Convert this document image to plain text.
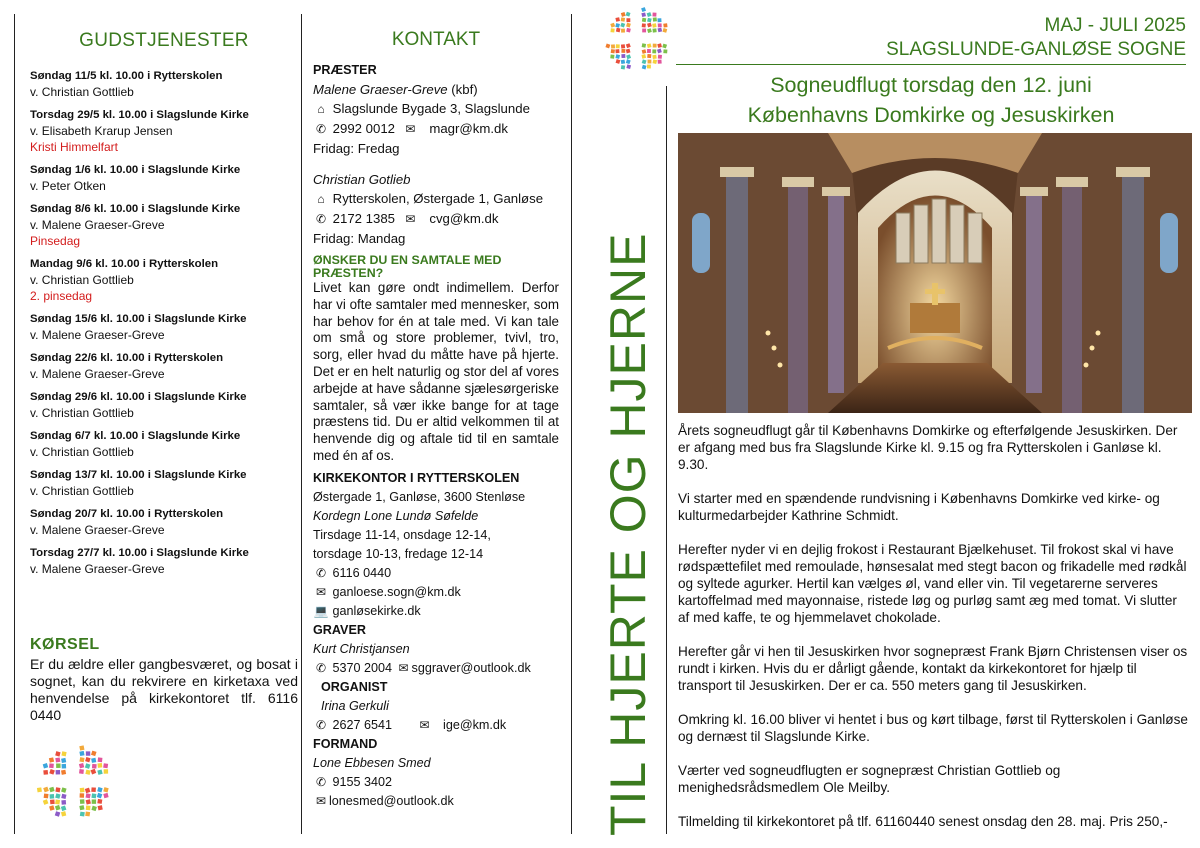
GUDSTJENESTER
Søndag 11/5 kl. 10.00 i Rytterskolen
v. Christian Gottlieb
Torsdag 29/5 kl. 10.00 i Slagslunde Kirke
v. Elisabeth Krarup Jensen
Kristi Himmelfart
Søndag 1/6 kl. 10.00 i Slagslunde Kirke
v. Peter Otken
Søndag 8/6 kl. 10.00 i Slagslunde Kirke
v. Malene Graeser-Greve
Pinsedag
Mandag 9/6 kl. 10.00 i Rytterskolen
v. Christian Gottlieb
2. pinsedag
Søndag 15/6 kl. 10.00 i Slagslunde Kirke
v. Malene Graeser-Greve
Søndag 22/6 kl. 10.00 i Rytterskolen
v. Malene Graeser-Greve
Søndag 29/6 kl. 10.00 i Slagslunde Kirke
v. Christian Gottlieb
Søndag 6/7 kl. 10.00 i Slagslunde Kirke
v. Christian Gottlieb
Søndag 13/7 kl. 10.00 i Slagslunde Kirke
v. Christian Gottlieb
Søndag 20/7 kl. 10.00 i Rytterskolen
v. Malene Graeser-Greve
Torsdag 27/7 kl. 10.00 i Slagslunde Kirke
v. Malene Graeser-Greve
KØRSEL

Er du ældre eller gangbesværet, og bosat i sognet, kan du rekvirere en kirketaxa ved henvendelse på kirkekontoret tlf. 6116 0440

KONTAKT
PRÆSTER
Malene Graeser-Greve (kbf)
⌂ Slagslunde Bygade 3, Slagslunde
✆ 2992 0012 ✉ magr@km.dk
Fridag: Fredag
Christian Gotlieb
⌂ Rytterskolen, Østergade 1, Ganløse
✆ 2172 1385 ✉ cvg@km.dk
Fridag: Mandag
ØNSKER DU EN SAMTALE MED PRÆSTEN?

Livet kan gøre ondt indimellem. Derfor har vi ofte samtaler med mennesker, som har behov for én at tale med. Vi kan tale om små og store problemer, tvivl, tro, sorg, eller hvad du måtte have på hjerte. Det er en helt naturlig og stor del af vores arbejde at have sådanne sjælesørgeriske samtaler, så vær ikke bange for at tage præstens tid. Du er altid velkommen til at henvende dig og aftale tid til en samtale med én af os.

KIRKEKONTOR I RYTTERSKOLEN
Østergade 1, Ganløse, 3600 Stenløse
Kordegn Lone Lundø Søfelde
Tirsdage 11-14, onsdage 12-14,
torsdage 10-13, fredage 12-14
✆ 6116 0440
✉ ganloese.sogn@km.dk
💻 ganløsekirke.dk
GRAVER
Kurt Christjansen
✆ 5370 2004 ✉ sggraver@outlook.dk
ORGANIST
Irina Gerkuli
✆ 2627 6541 ✉ ige@km.dk
FORMAND
Lone Ebbesen Smed
✆ 9155 3402
✉ lonesmed@outlook.dk	TIL HJERTE OG HJERNE
MAJ - JULI 2025
SLAGSLUNDE-GANLØSE SOGNE
Sogneudflugt torsdag den 12. juni
Københavns Domkirke og Jesuskirken

Årets sogneudflugt går til Københavns Domkirke og efterfølgende Jesuskirken. Der er afgang med bus fra Slagslunde Kirke kl. 9.15 og fra Rytterskolen i Ganløse kl. 9.30.

Vi starter med en spændende rundvisning i Københavns Domkirke ved kirke- og kulturmedarbejder Kathrine Schmidt.

Herefter nyder vi en dejlig frokost i Restaurant Bjælkehuset. Til frokost skal vi have rødspættefilet med remoulade, hønsesalat med stegt bacon og frikadelle med rødkål og syltede agurker. Hertil kan vælges øl, vand eller vin. Til vegetarerne serveres kartoffelmad med mayonnaise, ristede løg og purløg samt æg med tomat. Vi slutter af med kaffe, te og hjemmelavet chokolade.

Herefter går vi hen til Jesuskirken hvor sognepræst Frank Bjørn Christensen viser os rundt i kirken. Hvis du er dårligt gående, kontakt da kirkekontoret for hjælp til transport til Jesuskirken. Der er ca. 550 meters gang til Jesuskirken.

Omkring kl. 16.00 bliver vi hentet i bus og kørt tilbage, først til Rytterskolen i Ganløse og dernæst til Slagslunde Kirke.

Værter ved sogneudflugten er sognepræst Christian Gottlieb og menighedsrådsmedlem Ole Meilby.

Tilmelding til kirkekontoret på tlf. 61160440 senest onsdag den 28. maj. Pris 250,-
